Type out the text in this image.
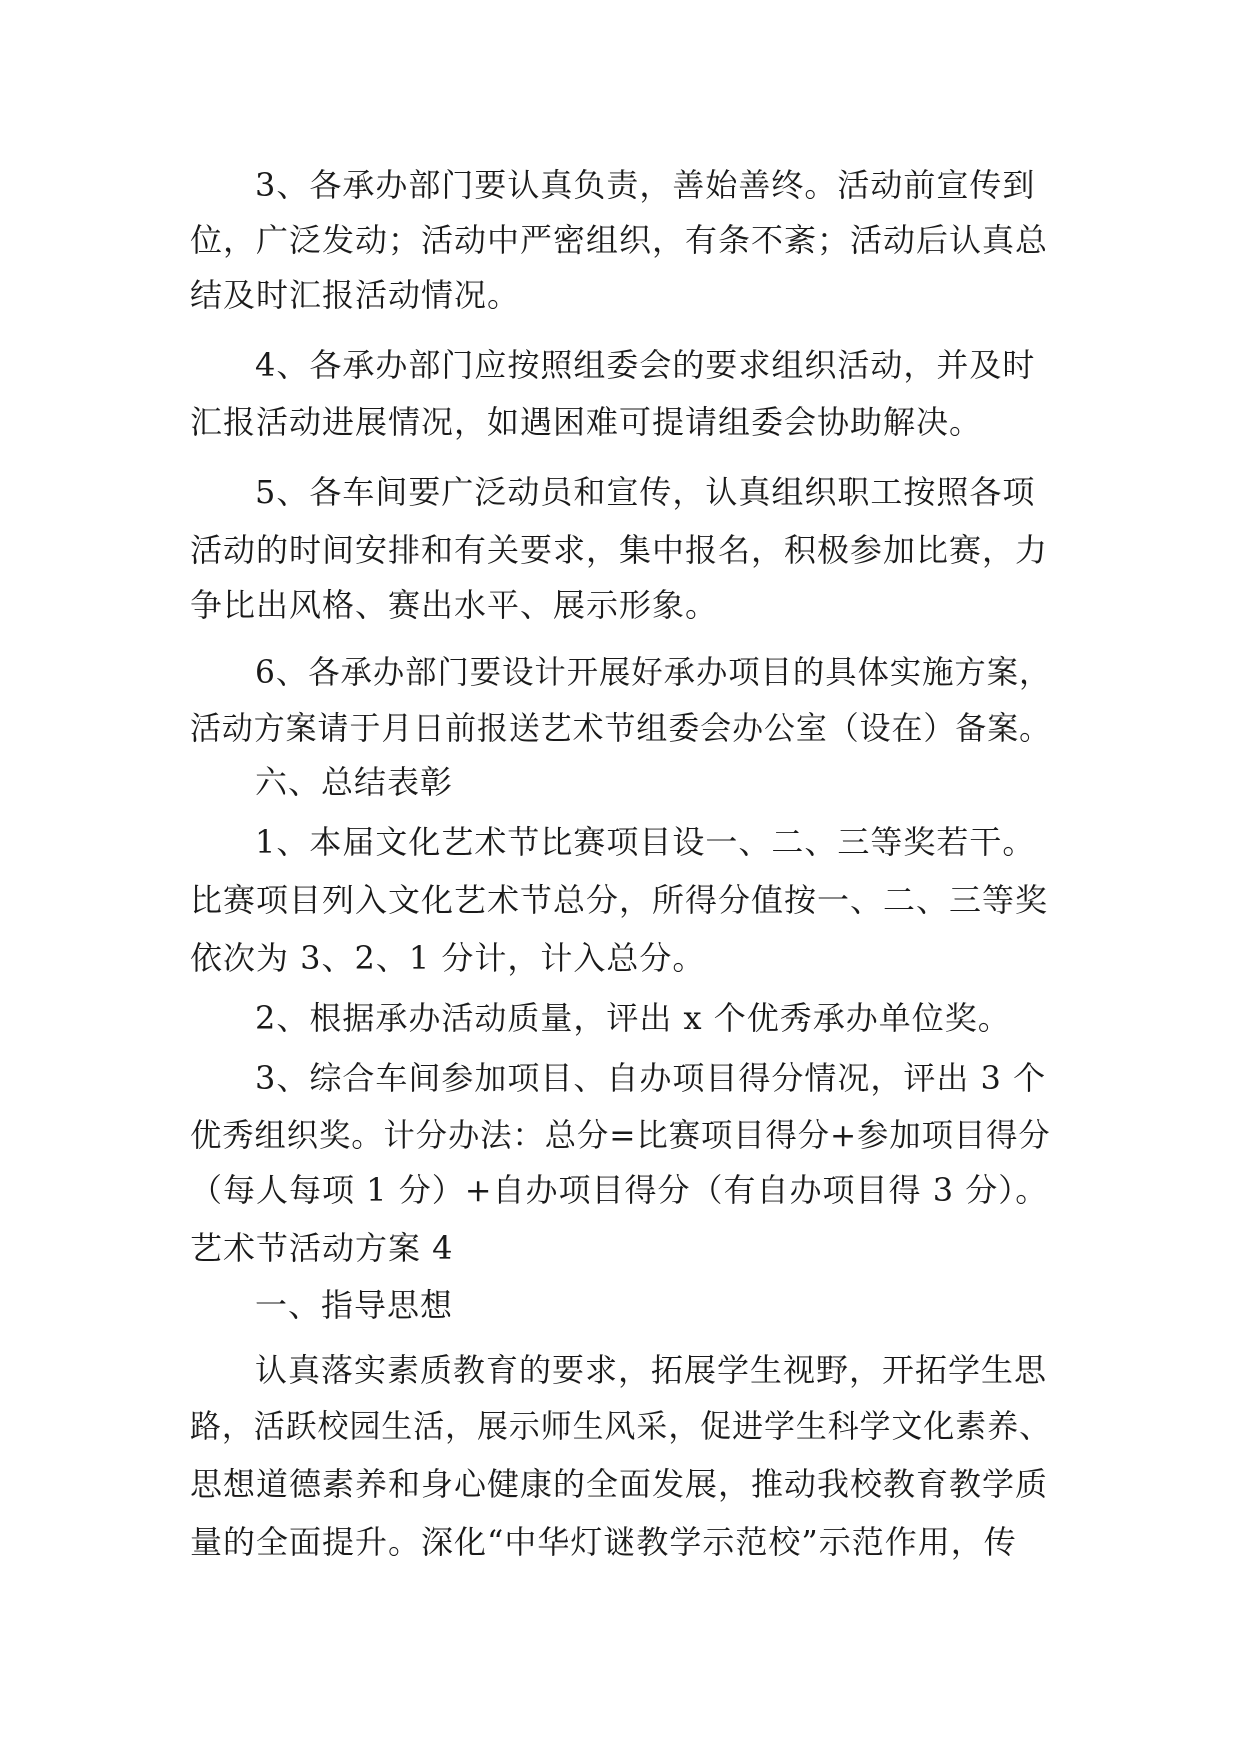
3、各承办部门要认真负责，善始善终。活动前宣传到

位，广泛发动；活动中严密组织，有条不紊；活动后认真总

结及时汇报活动情况。

4、各承办部门应按照组委会的要求组织活动，并及时

汇报活动进展情况，如遇困难可提请组委会协助解决。

5、各车间要广泛动员和宣传，认真组织职工按照各项

活动的时间安排和有关要求，集中报名，积极参加比赛，力

争比出风格、赛出水平、展示形象。

6、各承办部门要设计开展好承办项目的具体实施方案，

活动方案请于月日前报送艺术节组委会办公室（设在）备案。

六、总结表彰

1、本届文化艺术节比赛项目设一、二、三等奖若干。

比赛项目列入文化艺术节总分，所得分值按一、二、三等奖

依次为 3、2、1 分计，计入总分。

2、根据承办活动质量，评出 x 个优秀承办单位奖。

3、综合车间参加项目、自办项目得分情况，评出 3 个

优秀组织奖。计分办法：总分=比赛项目得分+参加项目得分

（每人每项 1 分）+自办项目得分（有自办项目得 3 分）。

艺术节活动方案 4

一、指导思想

认真落实素质教育的要求，拓展学生视野，开拓学生思

路，活跃校园生活，展示师生风采，促进学生科学文化素养、

思想道德素养和身心健康的全面发展，推动我校教育教学质

量的全面提升。深化“中华灯谜教学示范校”示范作用，传
